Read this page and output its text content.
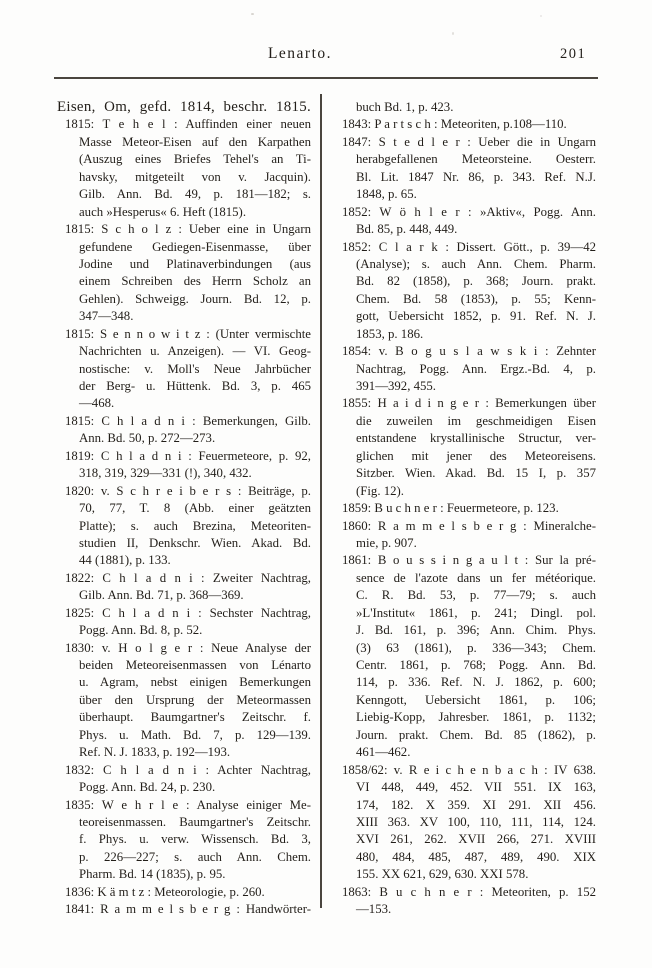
Lenarto.	201
Eisen, Om, gefd. 1814, beschr. 1815.
1815: T e h e l : Auffinden einer neuen
Masse Meteor-Eisen auf den Karpathen
(Auszug eines Briefes Tehel's an Ti-
havsky, mitgeteilt von v. Jacquin).
Gilb. Ann. Bd. 49, p. 181—182; s.
auch »Hesperus« 6. Heft (1815).
1815: S c h o l z : Ueber eine in Ungarn
gefundene Gediegen-Eisenmasse, über
Jodine und Platinaverbindungen (aus
einem Schreiben des Herrn Scholz an
Gehlen). Schweigg. Journ. Bd. 12, p.
347—348.
1815: S e n n o w i t z : (Unter vermischte
Nachrichten u. Anzeigen). — VI. Geog-
nostische: v. Moll's Neue Jahrbücher
der Berg- u. Hüttenk. Bd. 3, p. 465
—468.
1815: C h l a d n i : Bemerkungen, Gilb.
Ann. Bd. 50, p. 272—273.
1819: C h l a d n i : Feuermeteore, p. 92,
318, 319, 329—331 (!), 340, 432.
1820: v. S c h r e i b e r s : Beiträge, p.
70, 77, T. 8 (Abb. einer geätzten
Platte); s. auch Brezina, Meteoriten-
studien II, Denkschr. Wien. Akad. Bd.
44 (1881), p. 133.
1822: C h l a d n i : Zweiter Nachtrag,
Gilb. Ann. Bd. 71, p. 368—369.
1825: C h l a d n i : Sechster Nachtrag,
Pogg. Ann. Bd. 8, p. 52.
1830: v. H o l g e r : Neue Analyse der
beiden Meteoreisenmassen von Lénarto
u. Agram, nebst einigen Bemerkungen
über den Ursprung der Meteormassen
überhaupt. Baumgartner's Zeitschr. f.
Phys. u. Math. Bd. 7, p. 129—139.
Ref. N. J. 1833, p. 192—193.
1832: C h l a d n i : Achter Nachtrag,
Pogg. Ann. Bd. 24, p. 230.
1835: W e h r l e : Analyse einiger Me-
teoreisenmassen. Baumgartner's Zeitschr.
f. Phys. u. verw. Wissensch. Bd. 3,
p. 226—227; s. auch Ann. Chem.
Pharm. Bd. 14 (1835), p. 95.
1836: K ä m t z : Meteorologie, p. 260.
1841: R a m m e l s b e r g : Handwörter-
buch Bd. 1, p. 423.
1843: P a r t s c h : Meteoriten, p.108—110.
1847: S t e d l e r : Ueber die in Ungarn
herabgefallenen Meteorsteine. Oesterr.
Bl. Lit. 1847 Nr. 86, p. 343. Ref. N.J.
1848, p. 65.
1852: W ö h l e r : »Aktiv«, Pogg. Ann.
Bd. 85, p. 448, 449.
1852: C l a r k : Dissert. Gött., p. 39—42
(Analyse); s. auch Ann. Chem. Pharm.
Bd. 82 (1858), p. 368; Journ. prakt.
Chem. Bd. 58 (1853), p. 55; Kenn-
gott, Uebersicht 1852, p. 91. Ref. N. J.
1853, p. 186.
1854: v. B o g u s l a w s k i : Zehnter
Nachtrag, Pogg. Ann. Ergz.-Bd. 4, p.
391—392, 455.
1855: H a i d i n g e r : Bemerkungen über
die zuweilen im geschmeidigen Eisen
entstandene krystallinische Structur, ver-
glichen mit jener des Meteoreisens.
Sitzber. Wien. Akad. Bd. 15 I, p. 357
(Fig. 12).
1859: B u c h n e r : Feuermeteore, p. 123.
1860: R a m m e l s b e r g : Mineralche-
mie, p. 907.
1861: B o u s s i n g a u l t : Sur la pré-
sence de l'azote dans un fer météorique.
C. R. Bd. 53, p. 77—79; s. auch
»L'Institut« 1861, p. 241; Dingl. pol.
J. Bd. 161, p. 396; Ann. Chim. Phys.
(3) 63 (1861), p. 336—343; Chem.
Centr. 1861, p. 768; Pogg. Ann. Bd.
114, p. 336. Ref. N. J. 1862, p. 600;
Kenngott, Uebersicht 1861, p. 106;
Liebig-Kopp, Jahresber. 1861, p. 1132;
Journ. prakt. Chem. Bd. 85 (1862), p.
461—462.
1858/62: v. R e i c h e n b a c h : IV 638.
VI 448, 449, 452. VII 551. IX 163,
174, 182. X 359. XI 291. XII 456.
XIII 363. XV 100, 110, 111, 114, 124.
XVI 261, 262. XVII 266, 271. XVIII
480, 484, 485, 487, 489, 490. XIX
155. XX 621, 629, 630. XXI 578.
1863: B u c h n e r : Meteoriten, p. 152
—153.
